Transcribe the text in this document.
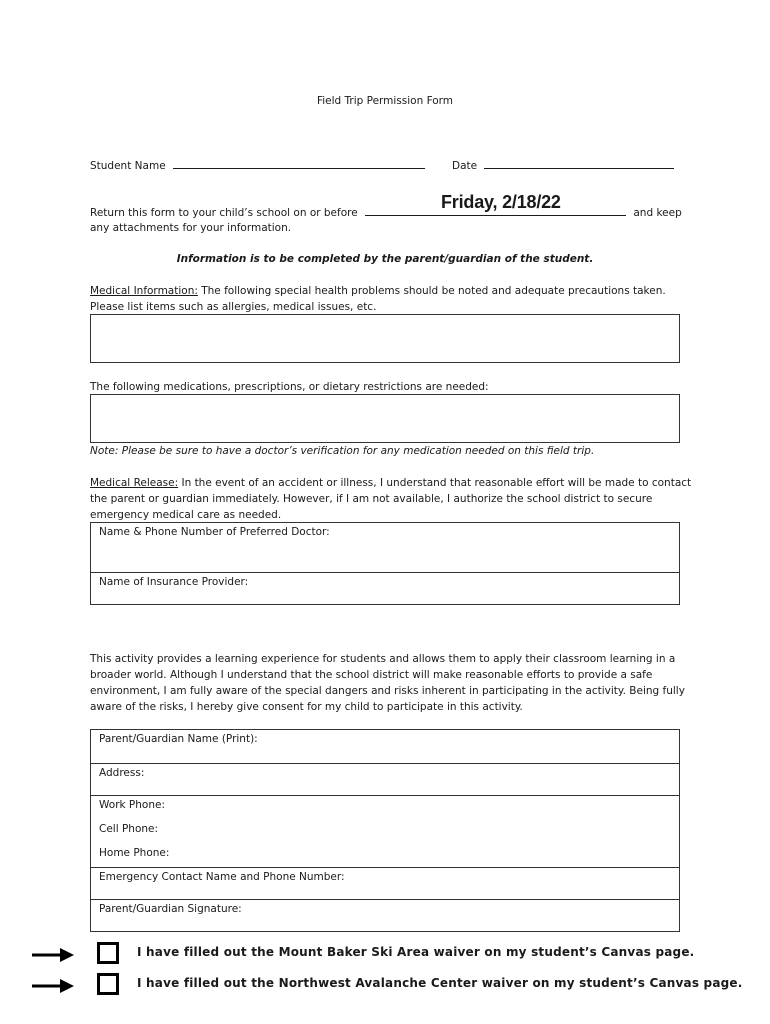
Field Trip Permission Form
Student Name	Date
Return this form to your child’s school on or before	and keep
Friday, 2/18/22
any attachments for your information.
Information is to be completed by the parent/guardian of the student.
Medical Information: The following special health problems should be noted and adequate precautions taken.
Please list items such as allergies, medical issues, etc.
The following medications, prescriptions, or dietary restrictions are needed:
Note: Please be sure to have a doctor’s verification for any medication needed on this field trip.
Medical Release: In the event of an accident or illness, I understand that reasonable effort will be made to contact
the parent or guardian immediately. However, if I am not available, I authorize the school district to secure
emergency medical care as needed.
Name & Phone Number of Preferred Doctor:
Name of Insurance Provider:
This activity provides a learning experience for students and allows them to apply their classroom learning in a
broader world. Although I understand that the school district will make reasonable efforts to provide a safe
environment, I am fully aware of the special dangers and risks inherent in participating in the activity. Being fully
aware of the risks, I hereby give consent for my child to participate in this activity.
Parent/Guardian Name (Print):
Address:
Work Phone:
Cell Phone:
Home Phone:
Emergency Contact Name and Phone Number:
Parent/Guardian Signature:
I have filled out the Mount Baker Ski Area waiver on my student’s Canvas page.
I have filled out the Northwest Avalanche Center waiver on my student’s Canvas page.
